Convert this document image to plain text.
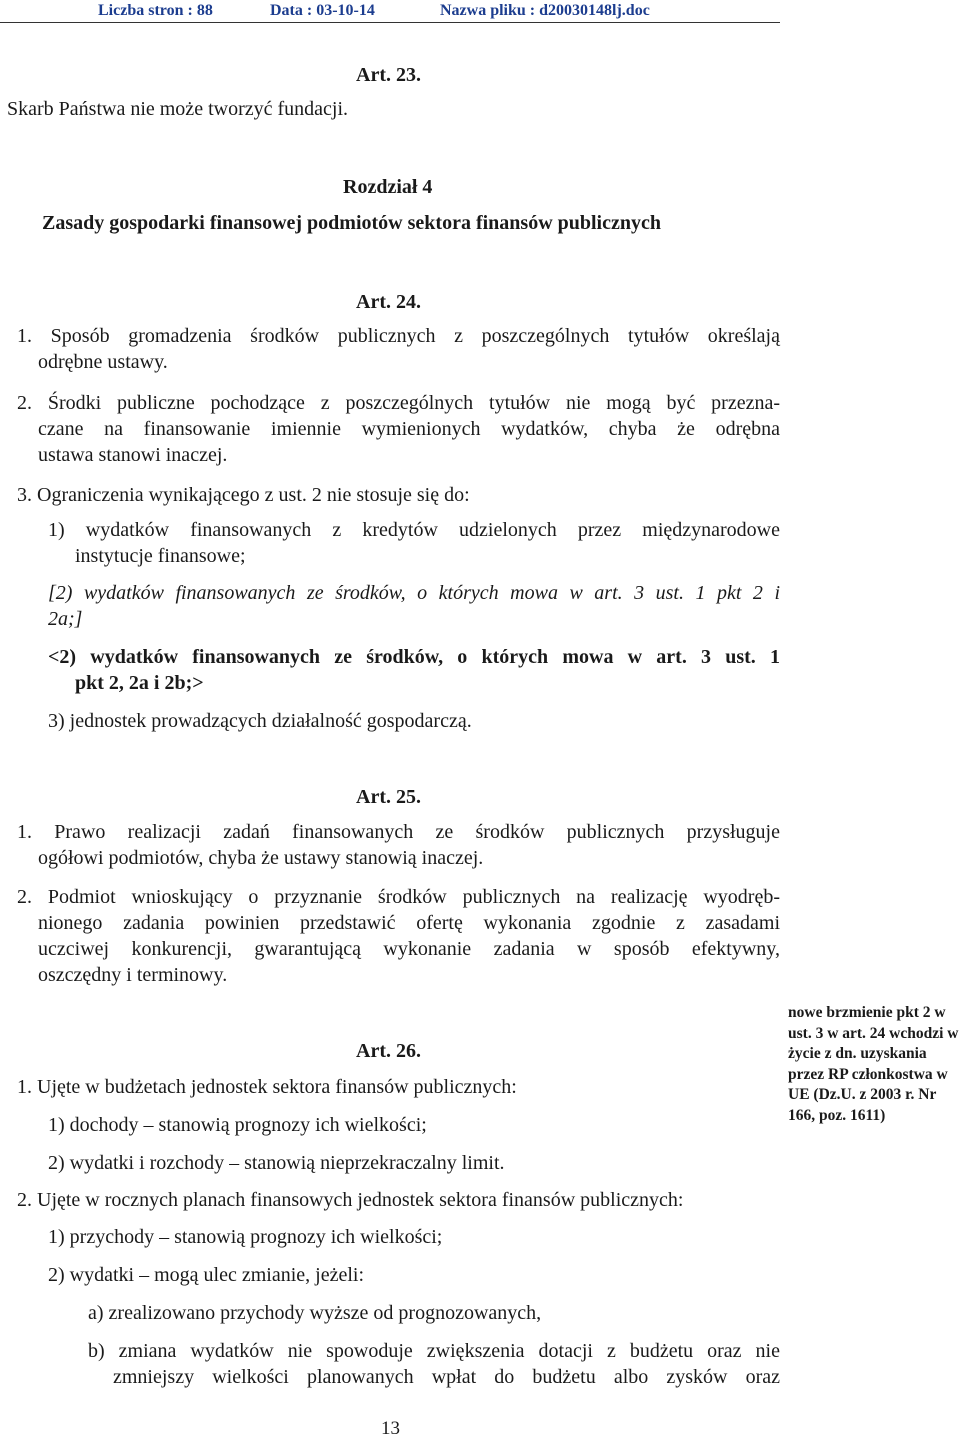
Liczba stron : 88	Data : 03-10-14	Nazwa pliku : d20030148lj.doc
Art. 23.
Skarb Państwa nie może tworzyć fundacji.
Rozdział 4
Zasady gospodarki finansowej podmiotów sektora finansów publicznych
Art. 24.
1. Sposób gromadzenia środków publicznych z poszczególnych tytułów określają
odrębne ustawy.
2. Środki publiczne pochodzące z poszczególnych tytułów nie mogą być przezna-
czane na finansowanie imiennie wymienionych wydatków, chyba że odrębna
ustawa stanowi inaczej.
3. Ograniczenia wynikającego z ust. 2 nie stosuje się do:
1) wydatków finansowanych z kredytów udzielonych przez międzynarodowe
instytucje finansowe;
[2) wydatków finansowanych ze środków, o których mowa w art. 3 ust. 1 pkt 2 i
2a;]
<2) wydatków finansowanych ze środków, o których mowa w art. 3 ust. 1
pkt 2, 2a i 2b;>
3) jednostek prowadzących działalność gospodarczą.
Art. 25.
1. Prawo realizacji zadań finansowanych ze środków publicznych przysługuje
ogółowi podmiotów, chyba że ustawy stanowią inaczej.
2. Podmiot wnioskujący o przyznanie środków publicznych na realizację wyodręb-
nionego zadania powinien przedstawić ofertę wykonania zgodnie z zasadami
uczciwej konkurencji, gwarantującą wykonanie zadania w sposób efektywny,
oszczędny i terminowy.
nowe brzmienie pkt 2 w ust. 3 w art. 24 wchodzi w życie z dn. uzyskania przez RP członkostwa w UE (Dz.U. z 2003 r. Nr 166, poz. 1611)
Art. 26.
1. Ujęte w budżetach jednostek sektora finansów publicznych:
1) dochody – stanowią prognozy ich wielkości;
2) wydatki i rozchody – stanowią nieprzekraczalny limit.
2. Ujęte w rocznych planach finansowych jednostek sektora finansów publicznych:
1) przychody – stanowią prognozy ich wielkości;
2) wydatki – mogą ulec zmianie, jeżeli:
a) zrealizowano przychody wyższe od prognozowanych,
b) zmiana wydatków nie spowoduje zwiększenia dotacji z budżetu oraz nie
zmniejszy wielkości planowanych wpłat do budżetu albo zysków oraz
13
